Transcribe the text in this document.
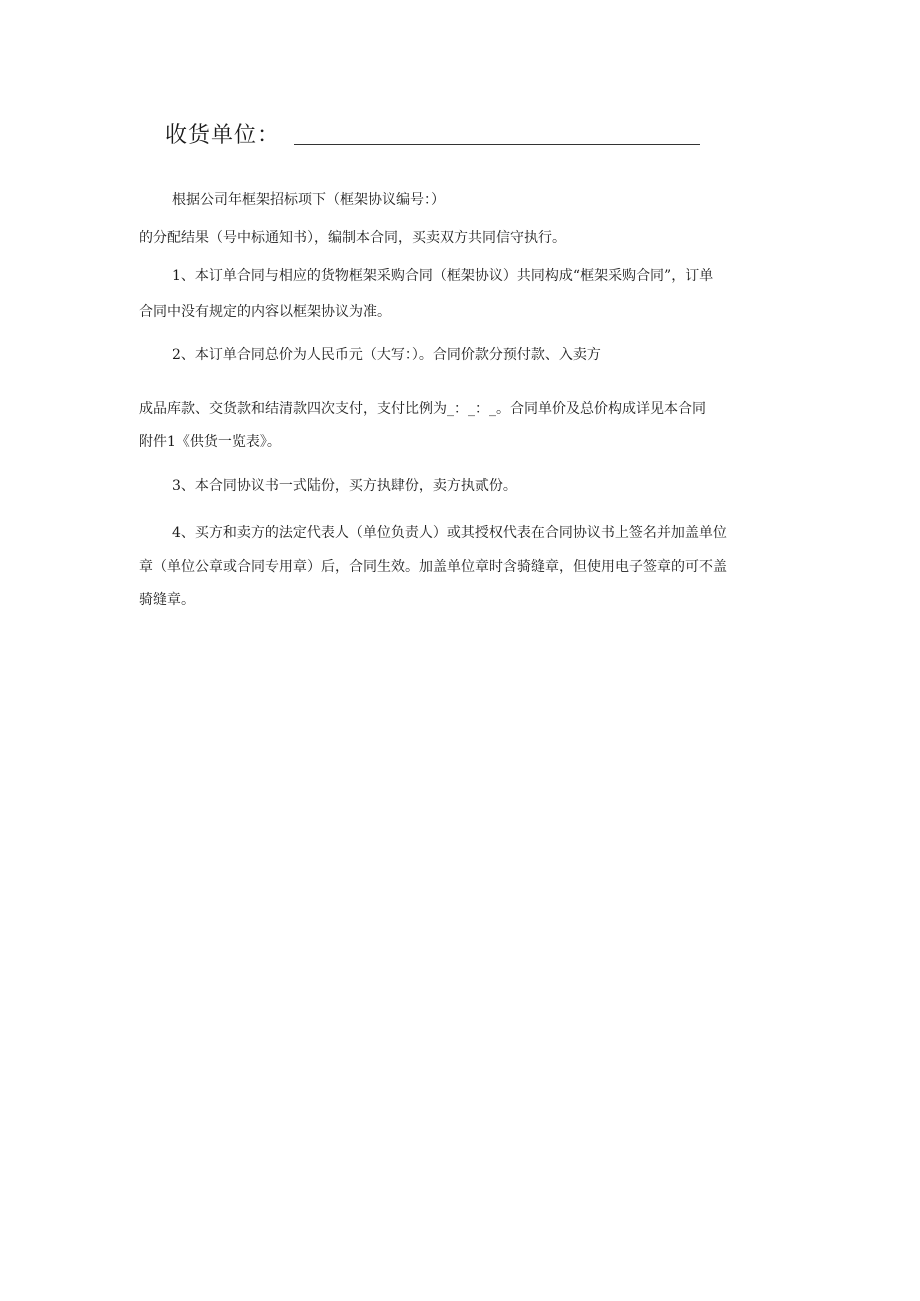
收货单位：
根据公司年框架招标项下（框架协议编号：）
的分配结果（号中标通知书），编制本合同，买卖双方共同信守执行。
1、本订单合同与相应的货物框架采购合同（框架协议）共同构成“框架采购合同”，订单
合同中没有规定的内容以框架协议为准。
2、本订单合同总价为人民币元（大写：）。合同价款分预付款、入卖方
成品库款、交货款和结清款四次支付，支付比例为_：_：_。合同单价及总价构成详见本合同
附件1《供货一览表》。
3、本合同协议书一式陆份，买方执肆份，卖方执贰份。
4、买方和卖方的法定代表人（单位负责人）或其授权代表在合同协议书上签名并加盖单位
章（单位公章或合同专用章）后，合同生效。加盖单位章时含骑缝章，但使用电子签章的可不盖
骑缝章。
